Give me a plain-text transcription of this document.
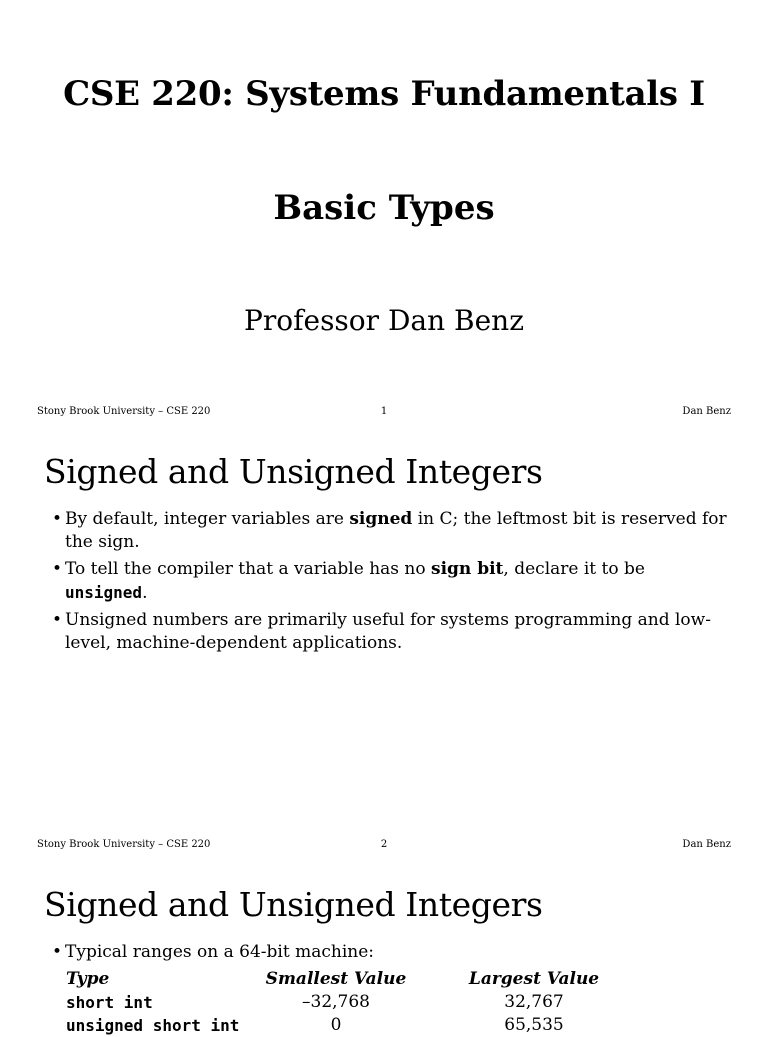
CSE 220: Systems Fundamentals I
Basic Types
Professor Dan Benz
Stony Brook University – CSE 220	1	Dan Benz
Signed and Unsigned Integers
• By default, integer variables are signed in C; the leftmost bit is reserved for the sign.
• To tell the compiler that a variable has no sign bit, declare it to be unsigned.
• Unsigned numbers are primarily useful for systems programming and low-level, machine-dependent applications.
Stony Brook University – CSE 220	2	Dan Benz
Signed and Unsigned Integers
• Typical ranges on a 64-bit machine:
Type	Smallest Value	Largest Value
short int	–32,768	32,767
unsigned short int	0	65,535
